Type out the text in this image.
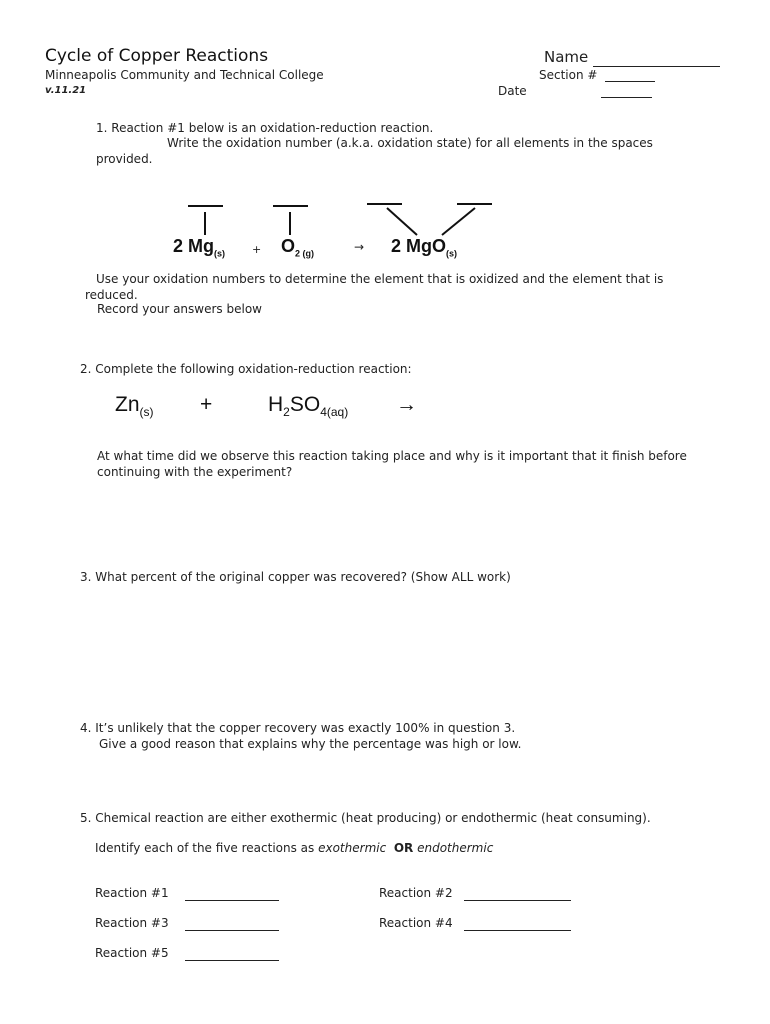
Cycle of Copper Reactions
Minneapolis Community and Technical College
v.11.21
Name
Section #
Date
1. Reaction #1 below is an oxidation-reduction reaction.
Write the oxidation number (a.k.a. oxidation state) for all elements in the spaces
provided.
2 $Mg_{(s)} + O_{2 (g)}$	→ 2 MgO$_{(s)}$
Use your oxidation numbers to determine the element that is oxidized and the element that is
reduced.
Record your answers below
2. Complete the following oxidation-reduction reaction:
$Zn_{(s)}$ +	$H_2SO_{4(aq)}$ →
At what time did we observe this reaction taking place and why is it important that it finish before
continuing with the experiment?
3. What percent of the original copper was recovered? (Show ALL work)
4. It’s unlikely that the copper recovery was exactly 100% in question 3.
Give a good reason that explains why the percentage was high or low.
5. Chemical reaction are either exothermic (heat producing) or endothermic (heat consuming).
Identify each of the five reactions as exothermic OR endothermic
Reaction #1	Reaction #2
Reaction #3	Reaction #4
Reaction #5
